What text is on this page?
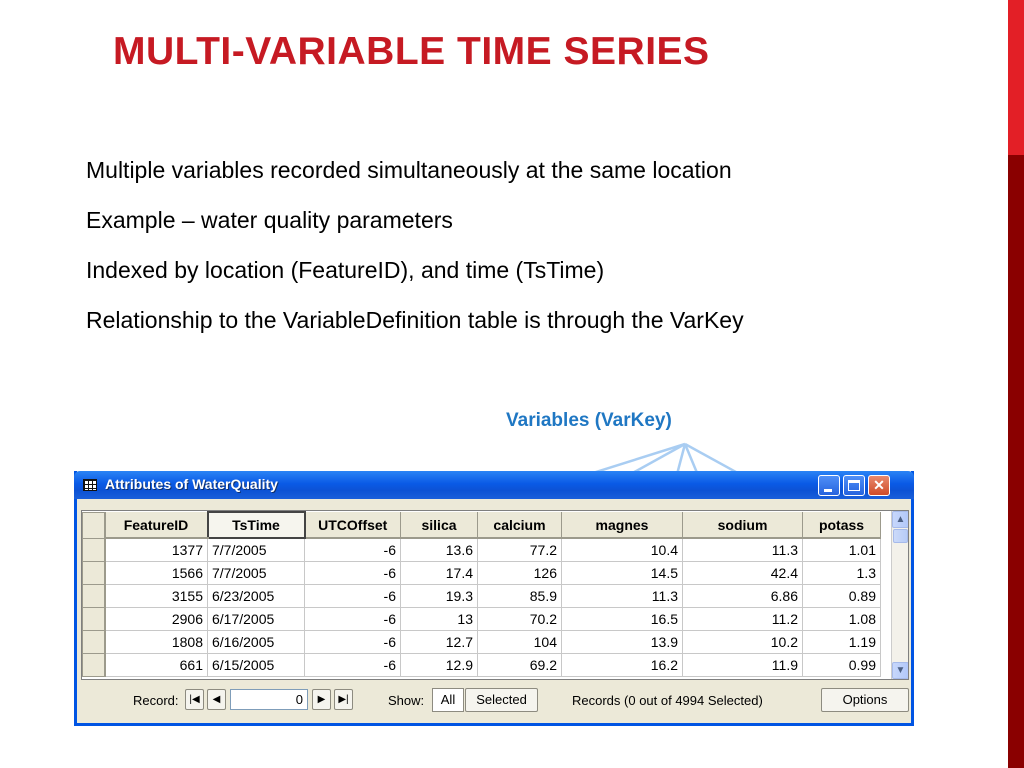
MULTI-VARIABLE TIME SERIES
Multiple variables recorded simultaneously at the same location
Example – water quality parameters
Indexed by location (FeatureID), and time (TsTime)
Relationship to the VariableDefinition table is through the VarKey
Variables (VarKey)
Attributes of WaterQuality	✕
	FeatureID	TsTime	UTCOffset	silica	calcium	magnes	sodium	potass
	1377	7/7/2005	-6	13.6	77.2	10.4	11.3	1.01
	1566	7/7/2005	-6	17.4	126	14.5	42.4	1.3
	3155	6/23/2005	-6	19.3	85.9	11.3	6.86	0.89
	2906	6/17/2005	-6	13	70.2	16.5	11.2	1.08
	1808	6/16/2005	-6	12.7	104	13.9	10.2	1.19
	661	6/15/2005	-6	12.9	69.2	16.2	11.9	0.99
▲
▼
Record:	|◀	◀
0	▶	▶|	Show:	All	Selected	Records (0 out of 4994 Selected)	Options
